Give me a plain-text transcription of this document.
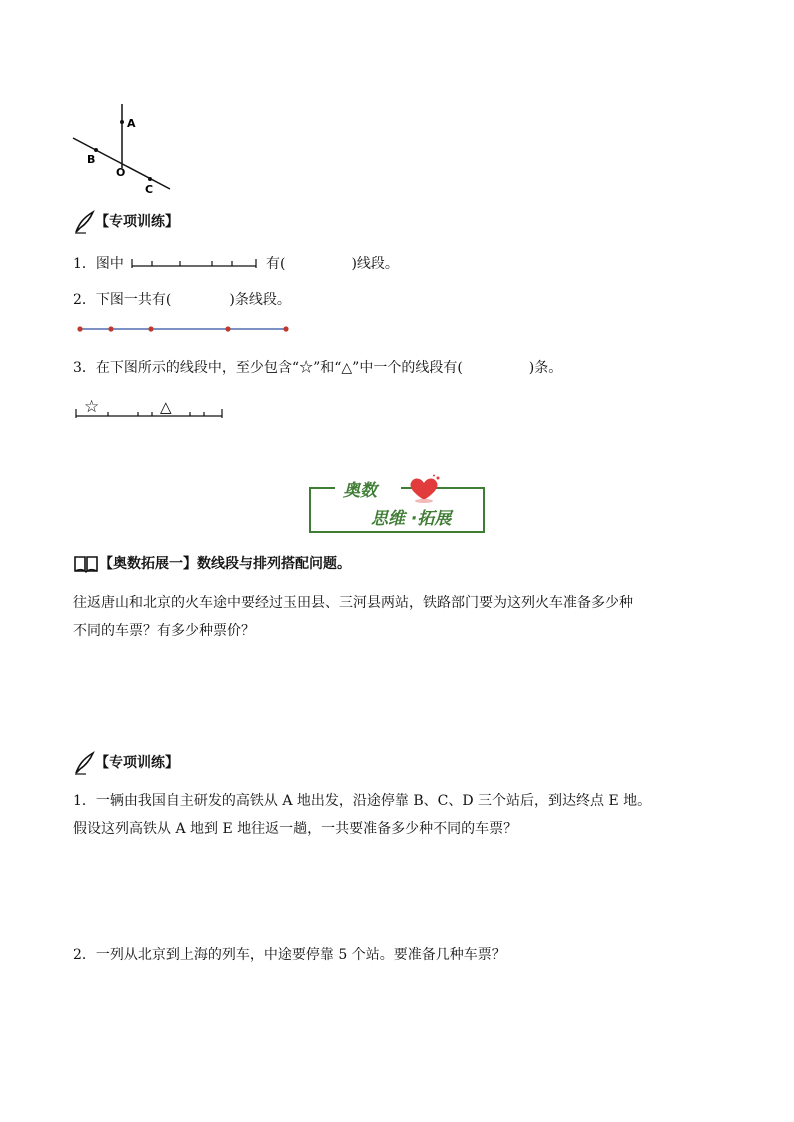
A
B
O
C
【专项训练】
1．图中	有(	)线段。
2．下图一共有(	)条线段。
3．在下图所示的线段中，至少包含“☆”和“△”中一个的线段有(	)条。
☆	△
奥数
思维 ·拓展
【奥数拓展一】数线段与排列搭配问题。
往返唐山和北京的火车途中要经过玉田县、三河县两站，铁路部门要为这列火车准备多少种
不同的车票？有多少种票价？
【专项训练】
1．一辆由我国自主研发的高铁从 A 地出发，沿途停靠 B、C、D 三个站后，到达终点 E 地。
假设这列高铁从 A 地到 E 地往返一趟，一共要准备多少种不同的车票？
2．一列从北京到上海的列车，中途要停靠 5 个站。要准备几种车票？
